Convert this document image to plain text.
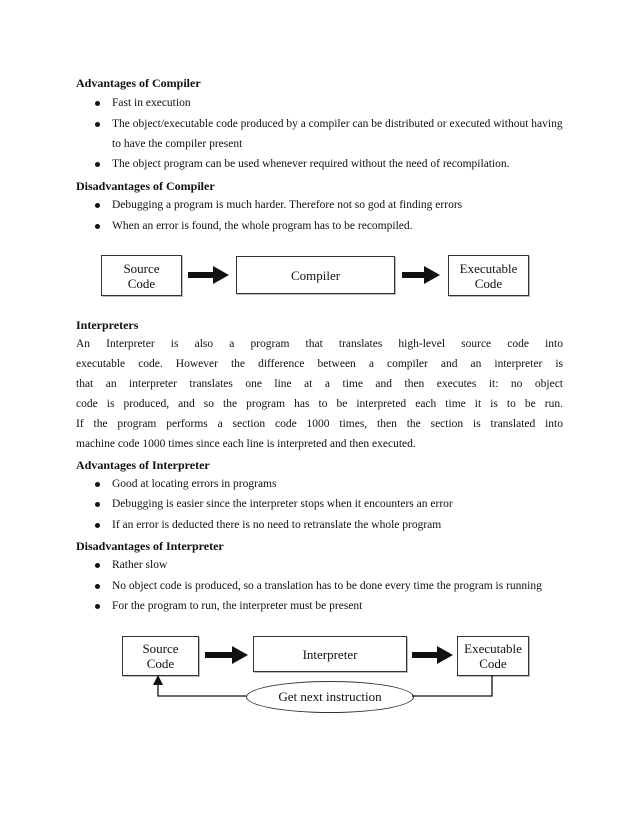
Advantages of Compiler
Fast in execution
The object/executable code produced by a compiler can be distributed or executed without having to have the compiler present
The object program can be used whenever required without the need of recompilation.
Disadvantages of Compiler
Debugging a program is much harder. Therefore not so god at finding errors
When an error is found, the whole program has to be recompiled.
Source Code
Compiler	Executable Code
Interpreters
An Interpreter is also a program that translates high-level source code into
executable code. However the difference between a compiler and an interpreter is
that an interpreter translates one line at a time and then executes it: no object
code is produced, and so the program has to be interpreted each time it is to be run.
If the program performs a section code 1000 times, then the section is translated into
machine code 1000 times since each line is interpreted and then executed.
Advantages of Interpreter
Good at locating errors in programs
Debugging is easier since the interpreter stops when it encounters an error
If an error is deducted there is no need to retranslate the whole program
Disadvantages of Interpreter
Rather slow
No object code is produced, so a translation has to be done every time the program is running
For the program to run, the interpreter must be present
Source Code
Interpreter	Executable Code
Get next instruction
